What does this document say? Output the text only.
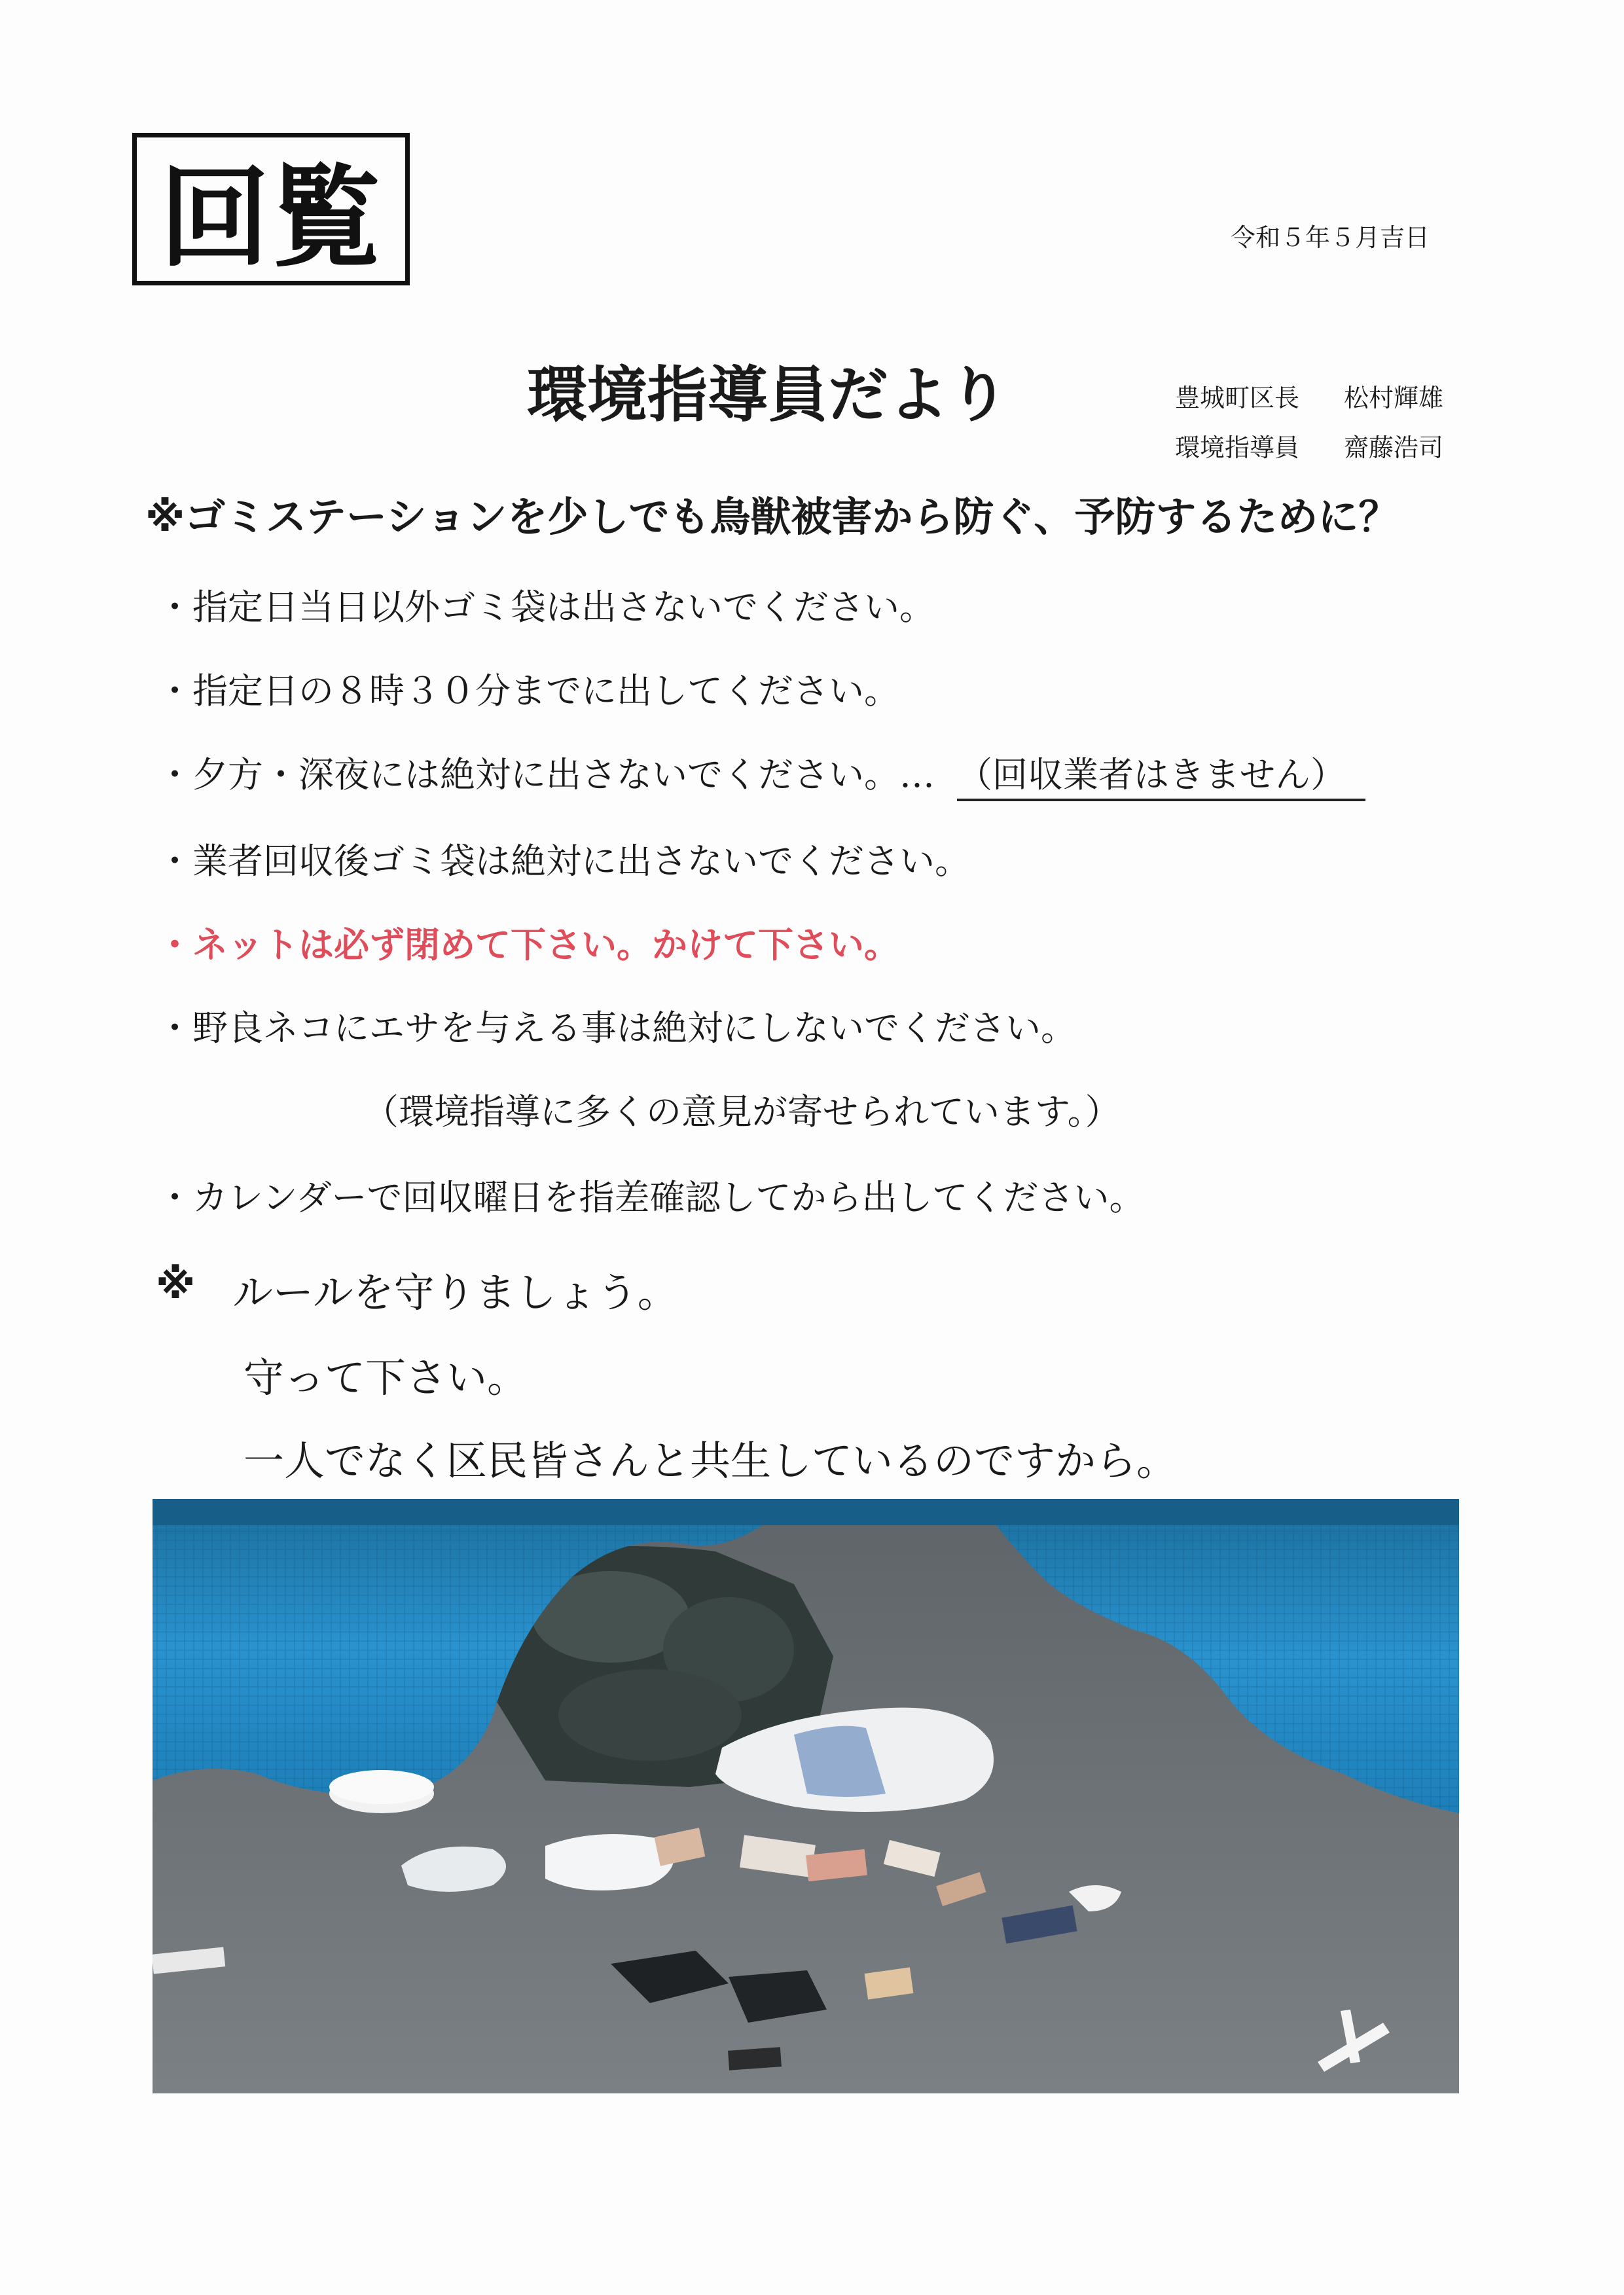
回覧	令和５年５月吉日
環境指導員だより	豊城町区長 松村輝雄
環境指導員 齋藤浩司
※ゴミステーションを少しでも鳥獣被害から防ぐ、予防するために？
・指定日当日以外ゴミ袋は出さないでください。
・指定日の８時３０分までに出してください。
・夕方・深夜には絶対に出さないでください。… （回収業者はきません）
・業者回収後ゴミ袋は絶対に出さないでください。
・ネットは必ず閉めて下さい。かけて下さい。
・野良ネコにエサを与える事は絶対にしないでください。
（環境指導に多くの意見が寄せられています。）
・カレンダーで回収曜日を指差確認してから出してください。
※ ルールを守りましょう。
守って下さい。
一人でなく区民皆さんと共生しているのですから。
